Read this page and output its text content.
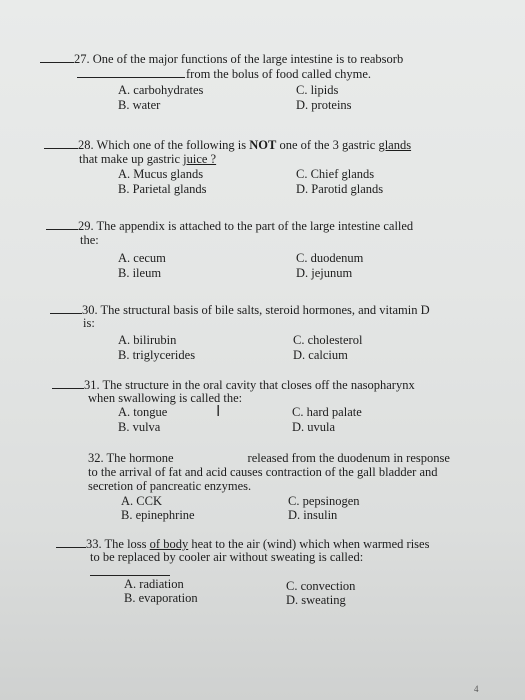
27. One of the major functions of the large intestine is to reabsorb
from the bolus of food called chyme.
A. carbohydrates
B. water
C. lipids
D. proteins
28. Which one of the following is NOT one of the 3 gastric glands
that make up gastric juice ?
A. Mucus glands
B. Parietal glands
C. Chief glands
D. Parotid glands
29. The appendix is attached to the part of the large intestine called
the:
A. cecum
B. ileum
C. duodenum
D. jejunum
30. The structural basis of bile salts, steroid hormones, and vitamin D
is:
A. bilirubin
B. triglycerides
C. cholesterol
D. calcium
31. The structure in the oral cavity that closes off the nasopharynx
when swallowing is called the:
A. tongue
B. vulva
C. hard palate
D. uvula
I
32. The hormone	released from the duodenum in response
to the arrival of fat and acid causes contraction of the gall bladder and
secretion of pancreatic enzymes.
A. CCK
B. epinephrine
C. pepsinogen
D. insulin
33. The loss of body heat to the air (wind) which when warmed rises
to be replaced by cooler air without sweating is called:
A. radiation
B. evaporation
C. convection
D. sweating
4
